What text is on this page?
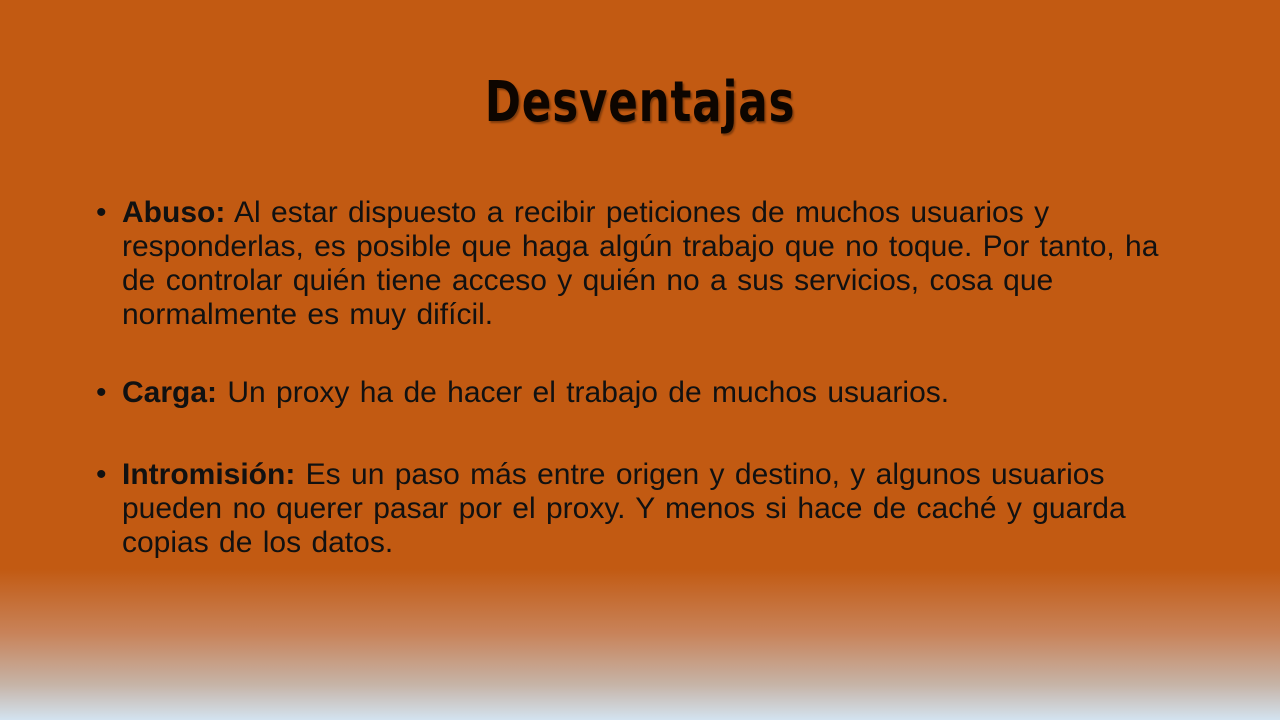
Desventajas
• Abuso: Al estar dispuesto a recibir peticiones de muchos usuarios y responderlas, es posible que haga algún trabajo que no toque. Por tanto, ha de controlar quién tiene acceso y quién no a sus servicios, cosa que normalmente es muy difícil.
• Carga: Un proxy ha de hacer el trabajo de muchos usuarios.
• Intromisión: Es un paso más entre origen y destino, y algunos usuarios pueden no querer pasar por el proxy. Y menos si hace de caché y guarda copias de los datos.
